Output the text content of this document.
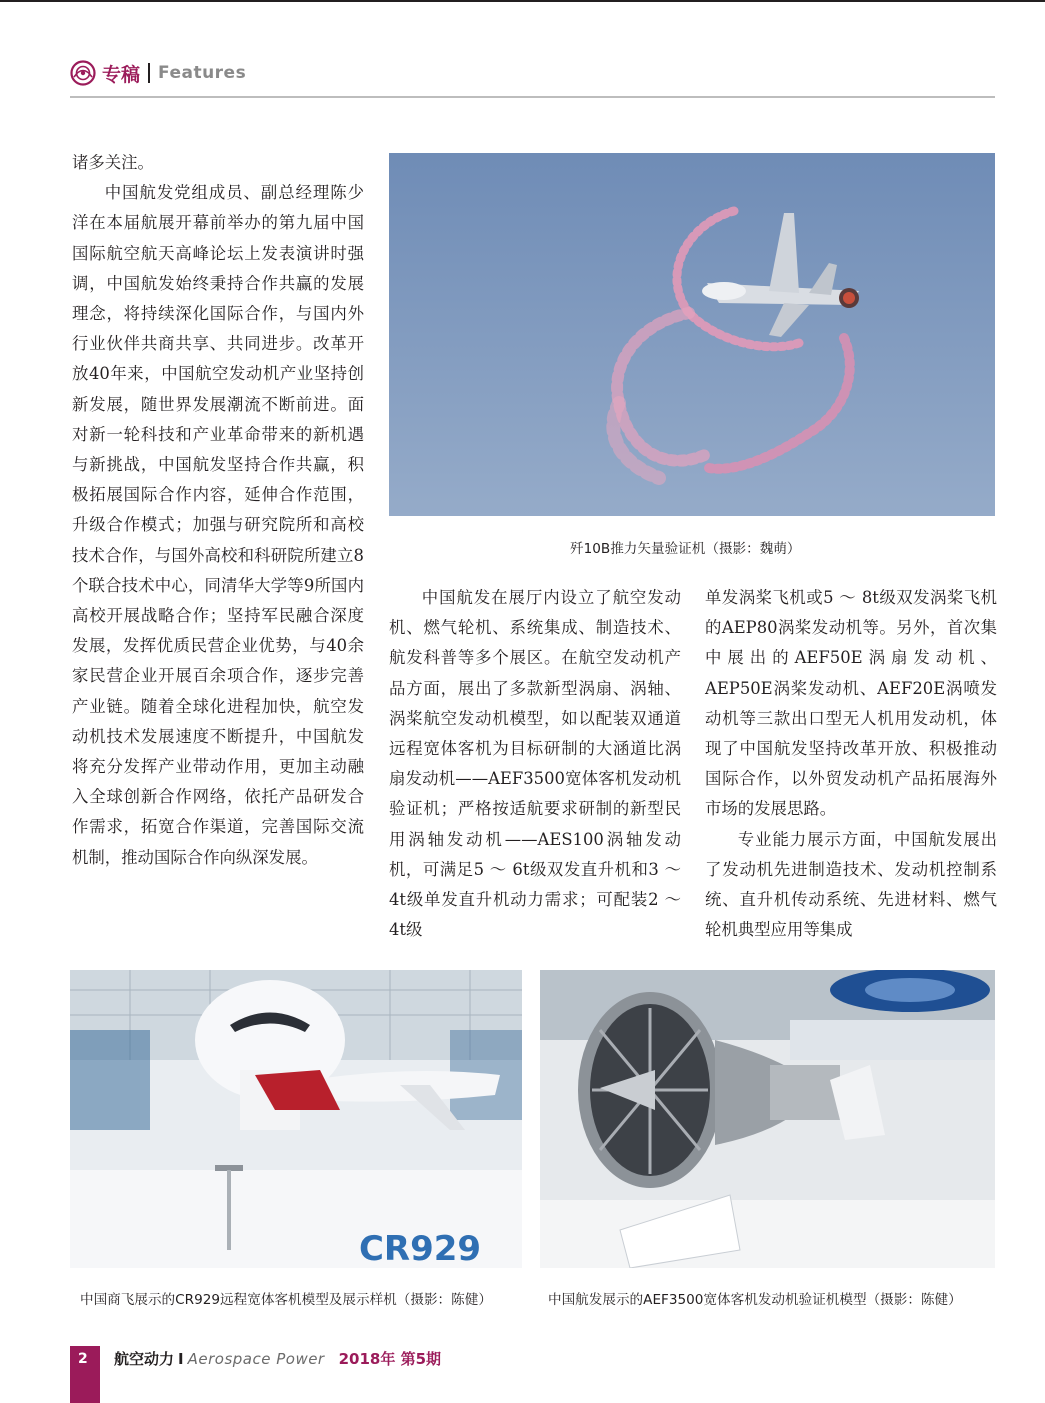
专稿 Features

诸多关注。

中国航发党组成员、副总经理陈少洋在本届航展开幕前举办的第九届中国国际航空航天高峰论坛上发表演讲时强调，中国航发始终秉持合作共赢的发展理念，将持续深化国际合作，与国内外行业伙伴共商共享、共同进步。改革开放40年来，中国航空发动机产业坚持创新发展，随世界发展潮流不断前进。面对新一轮科技和产业革命带来的新机遇与新挑战，中国航发坚持合作共赢，积极拓展国际合作内容，延伸合作范围，升级合作模式；加强与研究院所和高校技术合作，与国外高校和科研院所建立8个联合技术中心，同清华大学等9所国内高校开展战略合作；坚持军民融合深度发展，发挥优质民营企业优势，与40余家民营企业开展百余项合作，逐步完善产业链。随着全球化进程加快，航空发动机技术发展速度不断提升，中国航发将充分发挥产业带动作用，更加主动融入全球创新合作网络，依托产品研发合作需求，拓宽合作渠道，完善国际交流机制，推动国际合作向纵深发展。

歼10B推力矢量验证机（摄影：魏萌）

中国航发在展厅内设立了航空发动机、燃气轮机、系统集成、制造技术、航发科普等多个展区。在航空发动机产品方面，展出了多款新型涡扇、涡轴、涡桨航空发动机模型，如以配装双通道远程宽体客机为目标研制的大涵道比涡扇发动机——AEF3500宽体客机发动机验证机；严格按适航要求研制的新型民用涡轴发动机——AES100涡轴发动机，可满足5 ～ 6t级双发直升机和3 ～ 4t级单发直升机动力需求；可配装2 ～ 4t级

单发涡桨飞机或5 ～ 8t级双发涡桨飞机的AEP80涡桨发动机等。另外，首次集中展出的AEF50E涡扇发动机、AEP50E涡桨发动机、AEF20E涡喷发动机等三款出口型无人机用发动机，体现了中国航发坚持改革开放、积极推动国际合作，以外贸发动机产品拓展海外市场的发展思路。

专业能力展示方面，中国航发展出了发动机先进制造技术、发动机控制系统、直升机传动系统、先进材料、燃气轮机典型应用等集成

CR929
中国商飞展示的CR929远程宽体客机模型及展示样机（摄影：陈健）	中国航发展示的AEF3500宽体客机发动机验证机模型（摄影：陈健）
2 航空动力 I Aerospace Power 2018年 第5期
